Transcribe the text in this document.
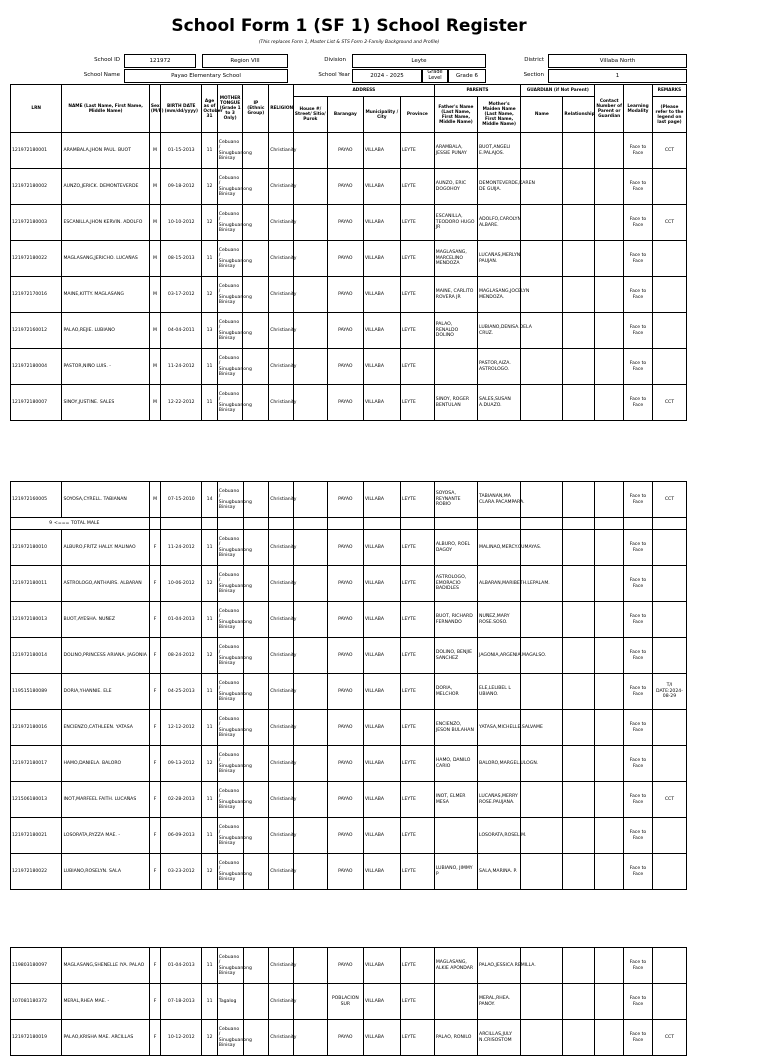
School Form 1 (SF 1) School Register
(This replaces Form 1, Master List & STS Form 2-Family Background and Profile)
School ID	121972	Region VIII	Division	Leyte	District	Villaba North
School Name	Payao Elementary School	School Year	2024 - 2025
Grade Level	Grade 6	Section	1
LRN	NAME (Last Name, First Name, Middle Name)	Sex (M/F)	BIRTH DATE (mm/dd/yyyy)	Age as of October 31	MOTHER TONGUE (Grade 1 to 3 Only)	IP (Ethnic Group)	RELIGION	ADDRESS				PARENTS		GUARDIAN (if Not Parent)		Contact Number of Parent or Guardian	Learning Modality	REMARKS
								House #/ Street/ Sitio/ Purok	Barangay	Municipality / City	Province	Father's Name (Last Name, First Name, Middle Name)	Mother's Maiden Name (Last Name, First Name, Middle Name)	Name	Relationship			(Please refer to the legend on last page)
121972180001	ARAMBALA,JHON PAUL. BUOT	M	01-15-2013	11	Cebuano / Sinugbuanong Binisay		Christianity		PAYAO	VILLABA	LEYTE	ARAMBALA, JESSIE PUNAY	BUOT,ANGELI E.PALAJOS.				Face to Face	CCT
121972180002	AUNZO,JERICK. DEMONTEVERDE	M	09-18-2012	12	Cebuano / Sinugbuanong Binisay		Christianity		PAYAO	VILLABA	LEYTE	AUNZO, ERIC DOGOHOY	DEMONTEVERDE,KAREN DE GUIJA.				Face to Face	
121972180003	ESCANILLA,JHON KERVIN. ADOLFO	M	10-10-2012	12	Cebuano / Sinugbuanong Binisay		Christianity		PAYAO	VILLABA	LEYTE	ESCANILLA, TEODORO HUGO JR	ADOLFO,CAROLYN ALBARE.				Face to Face	CCT
121972180022	MAGLASANG,JERICHO. LUCAÑAS	M	08-15-2013	11	Cebuano / Sinugbuanong Binisay		Christianity		PAYAO	VILLABA	LEYTE	MAGLASANG, MARCELINO MENDOZA	LUCAÑAS,MERLYN PAUJAN.				Face to Face	
121972170016	MAINE,KITTY. MAGLASANG	M	03-17-2012	12	Cebuano / Sinugbuanong Binisay		Christianity		PAYAO	VILLABA	LEYTE	MAINE, CARLITO ROVERA JR	MAGLASANG,JOCELYN MENDOZA.				Face to Face	
121972160012	PALAO,REJIE. LUBIANO	M	04-04-2011	13	Cebuano / Sinugbuanong Binisay		Christianity		PAYAO	VILLABA	LEYTE	PALAO, RENALDO DOLINO	LUBIANO,DENISA.DELA CRUZ.				Face to Face	
121972180004	PASTOR,NIÑO LUIS. -	M	11-24-2012	11	Cebuano / Sinugbuanong Binisay		Christianity		PAYAO	VILLABA	LEYTE		PASTOR,AIZA. ASTROLOGO.				Face to Face	
121972180007	SINOY,JUSTINE. SALES	M	12-22-2012	11	Cebuano / Sinugbuanong Binisay		Christianity		PAYAO	VILLABA	LEYTE	SINOY, ROGER BENTULAN	SALES,SUSAN A.DUAZO.				Face to Face	CCT
121972160005	SOYOSA,CYRELL. TABIANAN	M	07-15-2010	14	Cebuano / Sinugbuanong Binisay		Christianity		PAYAO	VILLABA	LEYTE	SOYOSA, REYNANTE ROBIO	TABIANAN,MA CLARA.PACAMPARA.				Face to Face	CCT
9 <=== TOTAL MALE																		
121972180010	ALBURO,FRITZ HALLY. MALINAO	F	11-24-2012	11	Cebuano / Sinugbuanong Binisay		Christianity		PAYAO	VILLABA	LEYTE	ALBURO, ROEL DAGOY	MALINAO,MERCY.CUMAYAS.				Face to Face	
121972180011	ASTROLOGO,ANTHAIRS. ALBARAN	F	10-06-2012	12	Cebuano / Sinugbuanong Binisay		Christianity		PAYAO	VILLABA	LEYTE	ASTROLOGO, EMORACIO BADIDLES	ALBARAN,MARIBETH.LEPALAM.				Face to Face	
121972180013	BUOT,AYESHA. NUÑEZ	F	01-04-2013	11	Cebuano / Sinugbuanong Binisay		Christianity		PAYAO	VILLABA	LEYTE	BUOT, RICHARD FERNANDO	NUÑEZ,MARY ROSE.SOSO.				Face to Face	
121972180014	DOLINO,PRINCESS ARIANA. JAGONIA	F	08-24-2012	12	Cebuano / Sinugbuanong Binisay		Christianity		PAYAO	VILLABA	LEYTE	DOLINO, BENJIE SANCHEZ	JAGONIA,ARGENIA.MAGALSO.				Face to Face	
119515180089	DORIA,YHANNIE. ELE	F	04-25-2013	11	Cebuano / Sinugbuanong Binisay		Christianity		PAYAO	VILLABA	LEYTE	DORIA, MELCHOR	ELE,LELIBEL L UBIANO.				Face to Face	T/I DATE:2024-08-29
121972180016	ENCIENZO,CATHLEEN. YATASA	F	12-12-2012	11	Cebuano / Sinugbuanong Binisay		Christianity		PAYAO	VILLABA	LEYTE	ENCIENZO, JESON BULAHAN	YATASA,MICHELLE.SALVAME				Face to Face	
121972180017	HAMO,DANIELA. BALORO	F	09-13-2012	12	Cebuano / Sinugbuanong Binisay		Christianity		PAYAO	VILLABA	LEYTE	HAMO, DANILO CARIO	BALORO,MARGEL.ULOGN.				Face to Face	
121506180013	INOT,MARFEEL FAITH. LUCAÑAS	F	02-28-2013	11	Cebuano / Sinugbuanong Binisay		Christianity		PAYAO	VILLABA	LEYTE	INOT, ELMER MESA	LUCAÑAS,MERRY ROSE.PAUJANA.				Face to Face	CCT
121972180021	LOSORATA,RYZZA MAE. -	F	06-09-2013	11	Cebuano / Sinugbuanong Binisay		Christianity		PAYAO	VILLABA	LEYTE		LOSORATA,ROSEL.M.				Face to Face	
121972180022	LUBIANO,ROSELYN. SALA	F	03-23-2012	12	Cebuano / Sinugbuanong Binisay		Christianity		PAYAO	VILLABA	LEYTE	LUBIANO, JIMMY P	SALA,MARINA. P.				Face to Face	
119803180097	MAGLASANG,SHENELLE IYA. PALAO	F	01-04-2013	11	Cebuano / Sinugbuanong Binisay		Christianity		PAYAO	VILLABA	LEYTE	MAGLASANG, ALKIE APONDAR	PALAO,JESSICA.REMILLA.				Face to Face	
107081180372	MERAL,RHEA MAE. -	F	07-18-2013	11	Tagalog		Christianity		POBLACION SUR	VILLABA	LEYTE		MERAL,RHEA. PANOY.				Face to Face	
121972180019	PALAO,KRISHA MAE. ARCILLAS	F	10-12-2012	12	Cebuano / Sinugbuanong Binisay		Christianity		PAYAO	VILLABA	LEYTE	PALAO, RONILO	ARCILLAS,JULY N.CRISOSTOM				Face to Face	CCT
